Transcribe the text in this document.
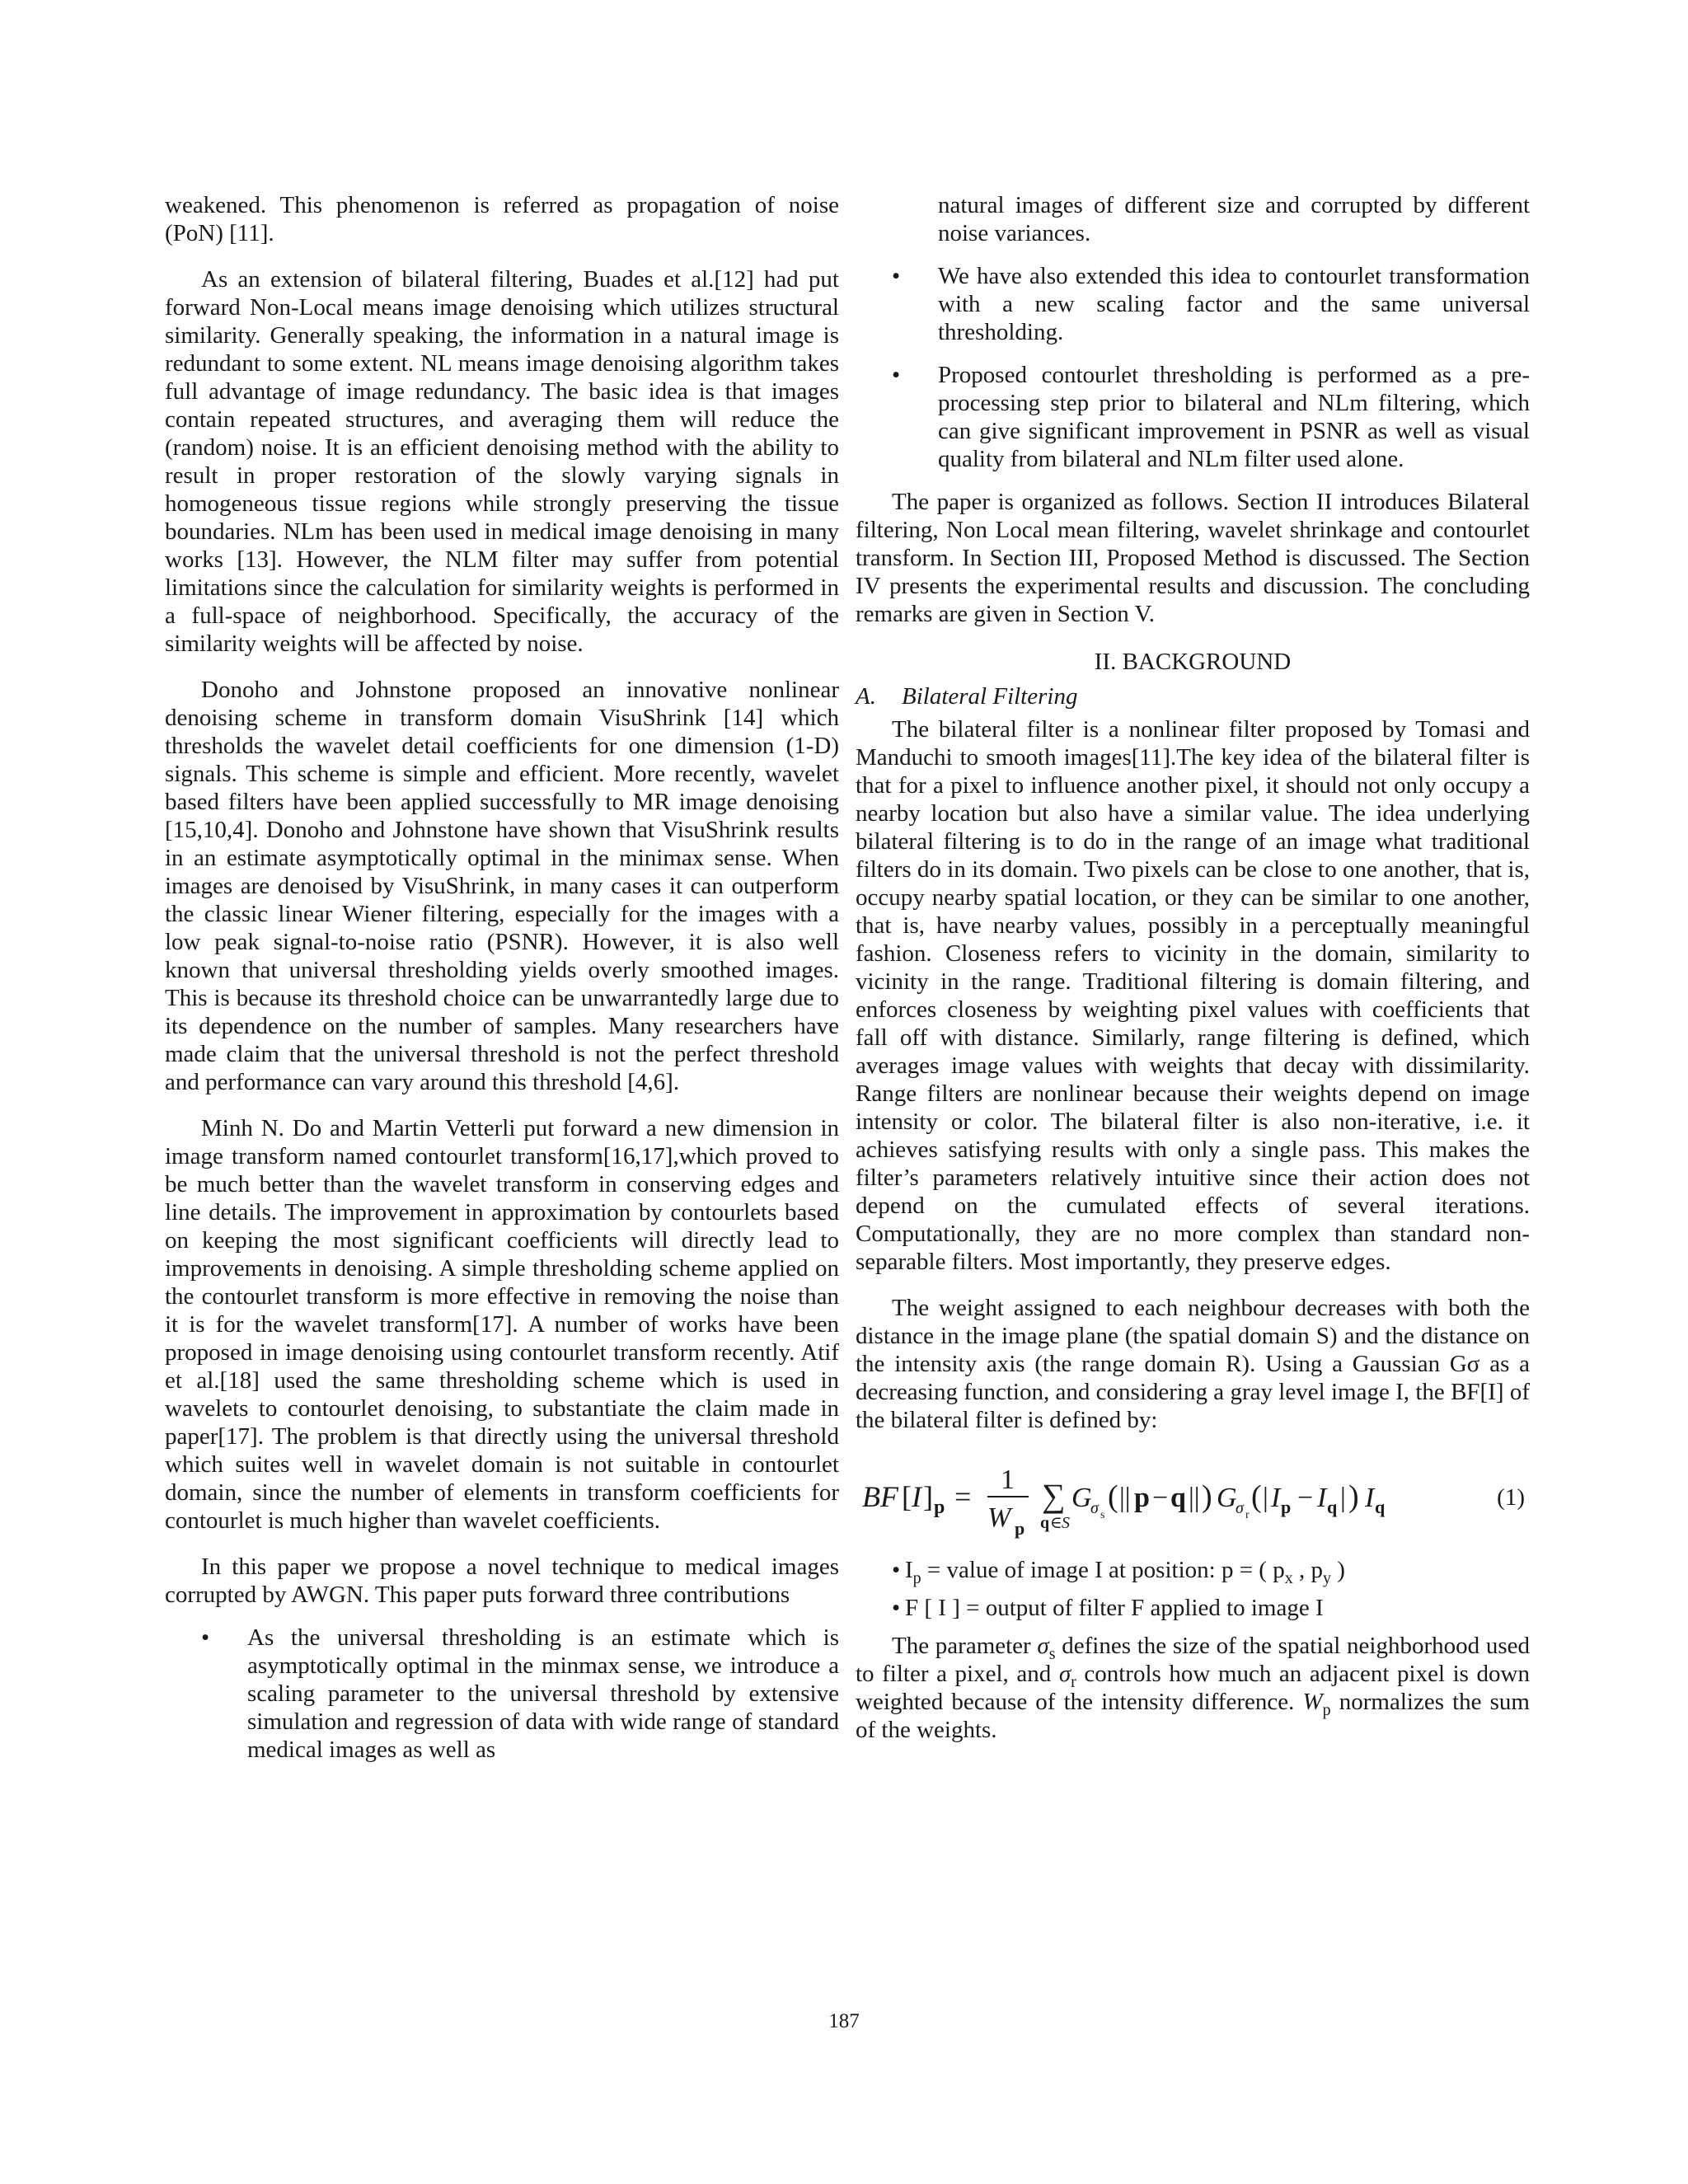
weakened. This phenomenon is referred as propagation of noise (PoN) [11].

As an extension of bilateral filtering, Buades et al.[12] had put forward Non-Local means image denoising which utilizes structural similarity. Generally speaking, the information in a natural image is redundant to some extent. NL means image denoising algorithm takes full advantage of image redundancy. The basic idea is that images contain repeated structures, and averaging them will reduce the (random) noise. It is an efficient denoising method with the ability to result in proper restoration of the slowly varying signals in homogeneous tissue regions while strongly preserving the tissue boundaries. NLm has been used in medical image denoising in many works [13]. However, the NLM filter may suffer from potential limitations since the calculation for similarity weights is performed in a full-space of neighborhood. Specifically, the accuracy of the similarity weights will be affected by noise.

Donoho and Johnstone proposed an innovative nonlinear denoising scheme in transform domain VisuShrink [14] which thresholds the wavelet detail coefficients for one dimension (1-D) signals. This scheme is simple and efficient. More recently, wavelet based filters have been applied successfully to MR image denoising [15,10,4]. Donoho and Johnstone have shown that VisuShrink results in an estimate asymptotically optimal in the minimax sense. When images are denoised by VisuShrink, in many cases it can outperform the classic linear Wiener filtering, especially for the images with a low peak signal-to-noise ratio (PSNR). However, it is also well known that universal thresholding yields overly smoothed images. This is because its threshold choice can be unwarrantedly large due to its dependence on the number of samples. Many researchers have made claim that the universal threshold is not the perfect threshold and performance can vary around this threshold [4,6].

Minh N. Do and Martin Vetterli put forward a new dimension in image transform named contourlet transform[16,17],which proved to be much better than the wavelet transform in conserving edges and line details. The improvement in approximation by contourlets based on keeping the most significant coefficients will directly lead to improvements in denoising. A simple thresholding scheme applied on the contourlet transform is more effective in removing the noise than it is for the wavelet transform[17]. A number of works have been proposed in image denoising using contourlet transform recently. Atif et al.[18] used the same thresholding scheme which is used in wavelets to contourlet denoising, to substantiate the claim made in paper[17]. The problem is that directly using the universal threshold which suites well in wavelet domain is not suitable in contourlet domain, since the number of elements in transform coefficients for contourlet is much higher than wavelet coefficients.

In this paper we propose a novel technique to medical images corrupted by AWGN. This paper puts forward three contributions

• As the universal thresholding is an estimate which is asymptotically optimal in the minmax sense, we introduce a scaling parameter to the universal threshold by extensive simulation and regression of data with wide range of standard medical images as well as
natural images of different size and corrupted by different noise variances.
• We have also extended this idea to contourlet transformation with a new scaling factor and the same universal thresholding.
• Proposed contourlet thresholding is performed as a pre-processing step prior to bilateral and NLm filtering, which can give significant improvement in PSNR as well as visual quality from bilateral and NLm filter used alone.

The paper is organized as follows. Section II introduces Bilateral filtering, Non Local mean filtering, wavelet shrinkage and contourlet transform. In Section III, Proposed Method is discussed. The Section IV presents the experimental results and discussion. The concluding remarks are given in Section V.

II. BACKGROUND
A. Bilateral Filtering

The bilateral filter is a nonlinear filter proposed by Tomasi and Manduchi to smooth images[11].The key idea of the bilateral filter is that for a pixel to influence another pixel, it should not only occupy a nearby location but also have a similar value. The idea underlying bilateral filtering is to do in the range of an image what traditional filters do in its domain. Two pixels can be close to one another, that is, occupy nearby spatial location, or they can be similar to one another, that is, have nearby values, possibly in a perceptually meaningful fashion. Closeness refers to vicinity in the domain, similarity to vicinity in the range. Traditional filtering is domain filtering, and enforces closeness by weighting pixel values with coefficients that fall off with distance. Similarly, range filtering is defined, which averages image values with weights that decay with dissimilarity. Range filters are nonlinear because their weights depend on image intensity or color. The bilateral filter is also non-iterative, i.e. it achieves satisfying results with only a single pass. This makes the filter’s parameters relatively intuitive since their action does not depend on the cumulated effects of several iterations. Computationally, they are no more complex than standard non-separable filters. Most importantly, they preserve edges.

The weight assigned to each neighbour decreases with both the distance in the image plane (the spatial domain S) and the distance on the intensity axis (the range domain R). Using a Gaussian Gσ as a decreasing function, and considering a gray level image I, the BF[I] of the bilateral filter is defined by:

BF [ I ] p =
1
W p
∑
q ∈ S
G
σ s
( || p − q || ) G
σ r
( | I p − I q | ) I q	(1)
• $I_p$ = value of image I at position: p = ( $p_x$ , $p_y$ )
• F [ I ] = output of filter F applied to image I

The parameter $\sigma_s$ defines the size of the spatial neighborhood used to filter a pixel, and $\sigma_r$ controls how much an adjacent pixel is down weighted because of the intensity difference. $W_p$ normalizes the sum of the weights.

187
